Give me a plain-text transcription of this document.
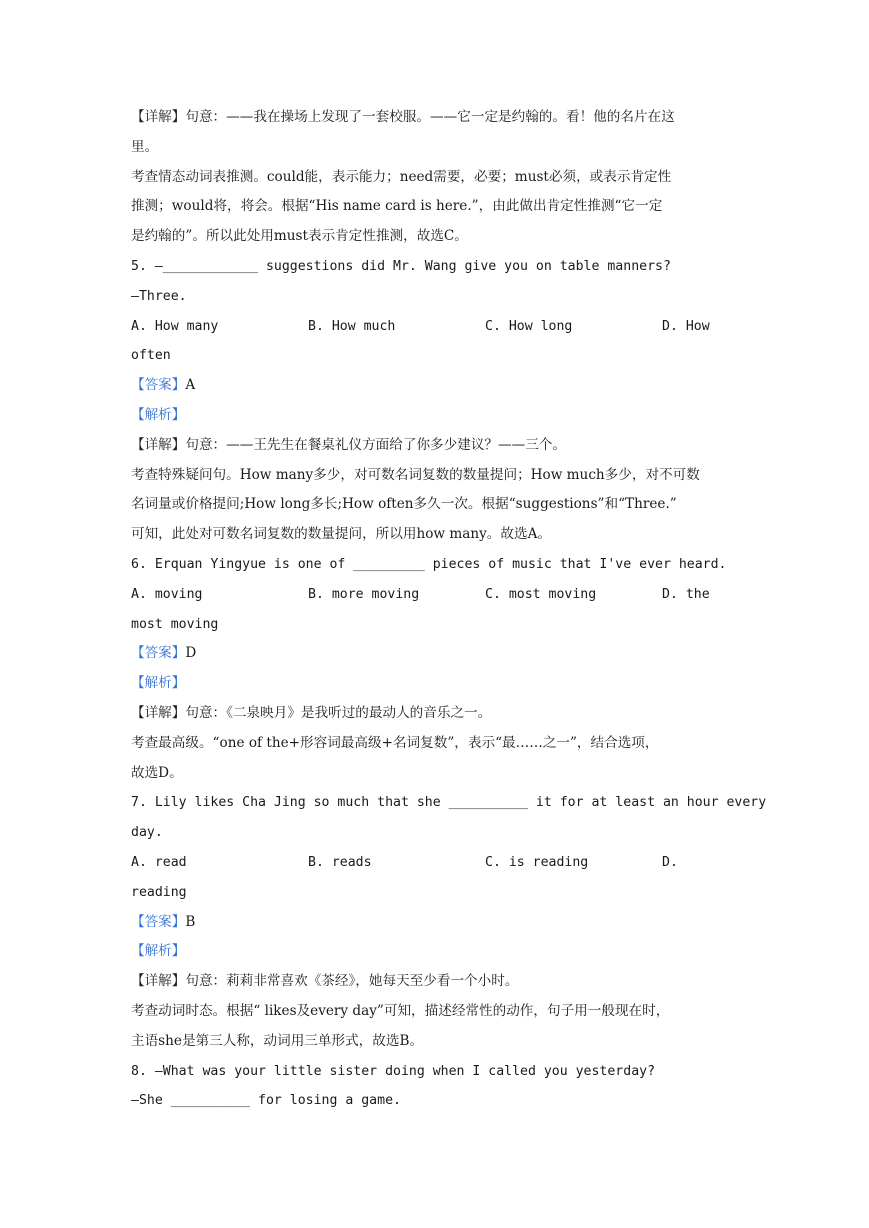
【详解】句意：——我在操场上发现了一套校服。——它一定是约翰的。看！他的名片在这
里。
考查情态动词表推测。could能，表示能力；need需要，必要；must必须，或表示肯定性
推测；would将，将会。根据“His name card is here.”，由此做出肯定性推测“它一定
是约翰的”。所以此处用must表示肯定性推测，故选C。
5. —____________ suggestions did Mr. Wang give you on table manners?
—Three.
A. How many	B. How much	C. How long	D. How
often
【答案】A
【解析】
【详解】句意：——王先生在餐桌礼仪方面给了你多少建议？——三个。
考查特殊疑问句。How many多少，对可数名词复数的数量提问；How much多少，对不可数
名词量或价格提问;How long多长;How often多久一次。根据“suggestions”和“Three.”
可知，此处对可数名词复数的数量提问，所以用how many。故选A。
6. Erquan Yingyue is one of _________ pieces of music that I've ever heard.
A. moving	B. more moving	C. most moving	D. the
most moving
【答案】D
【解析】
【详解】句意：《二泉映月》是我听过的最动人的音乐之一。
考查最高级。“one of the+形容词最高级+名词复数”，表示“最……之一”，结合选项，
故选D。
7. Lily likes Cha Jing so much that she __________ it for at least an hour every
day.
A. read	B. reads	C. is reading	D.
reading
【答案】B
【解析】
【详解】句意：莉莉非常喜欢《茶经》，她每天至少看一个小时。
考查动词时态。根据“ likes及every day”可知，描述经常性的动作，句子用一般现在时，
主语she是第三人称，动词用三单形式，故选B。
8. —What was your little sister doing when I called you yesterday?
—She __________ for losing a game.
